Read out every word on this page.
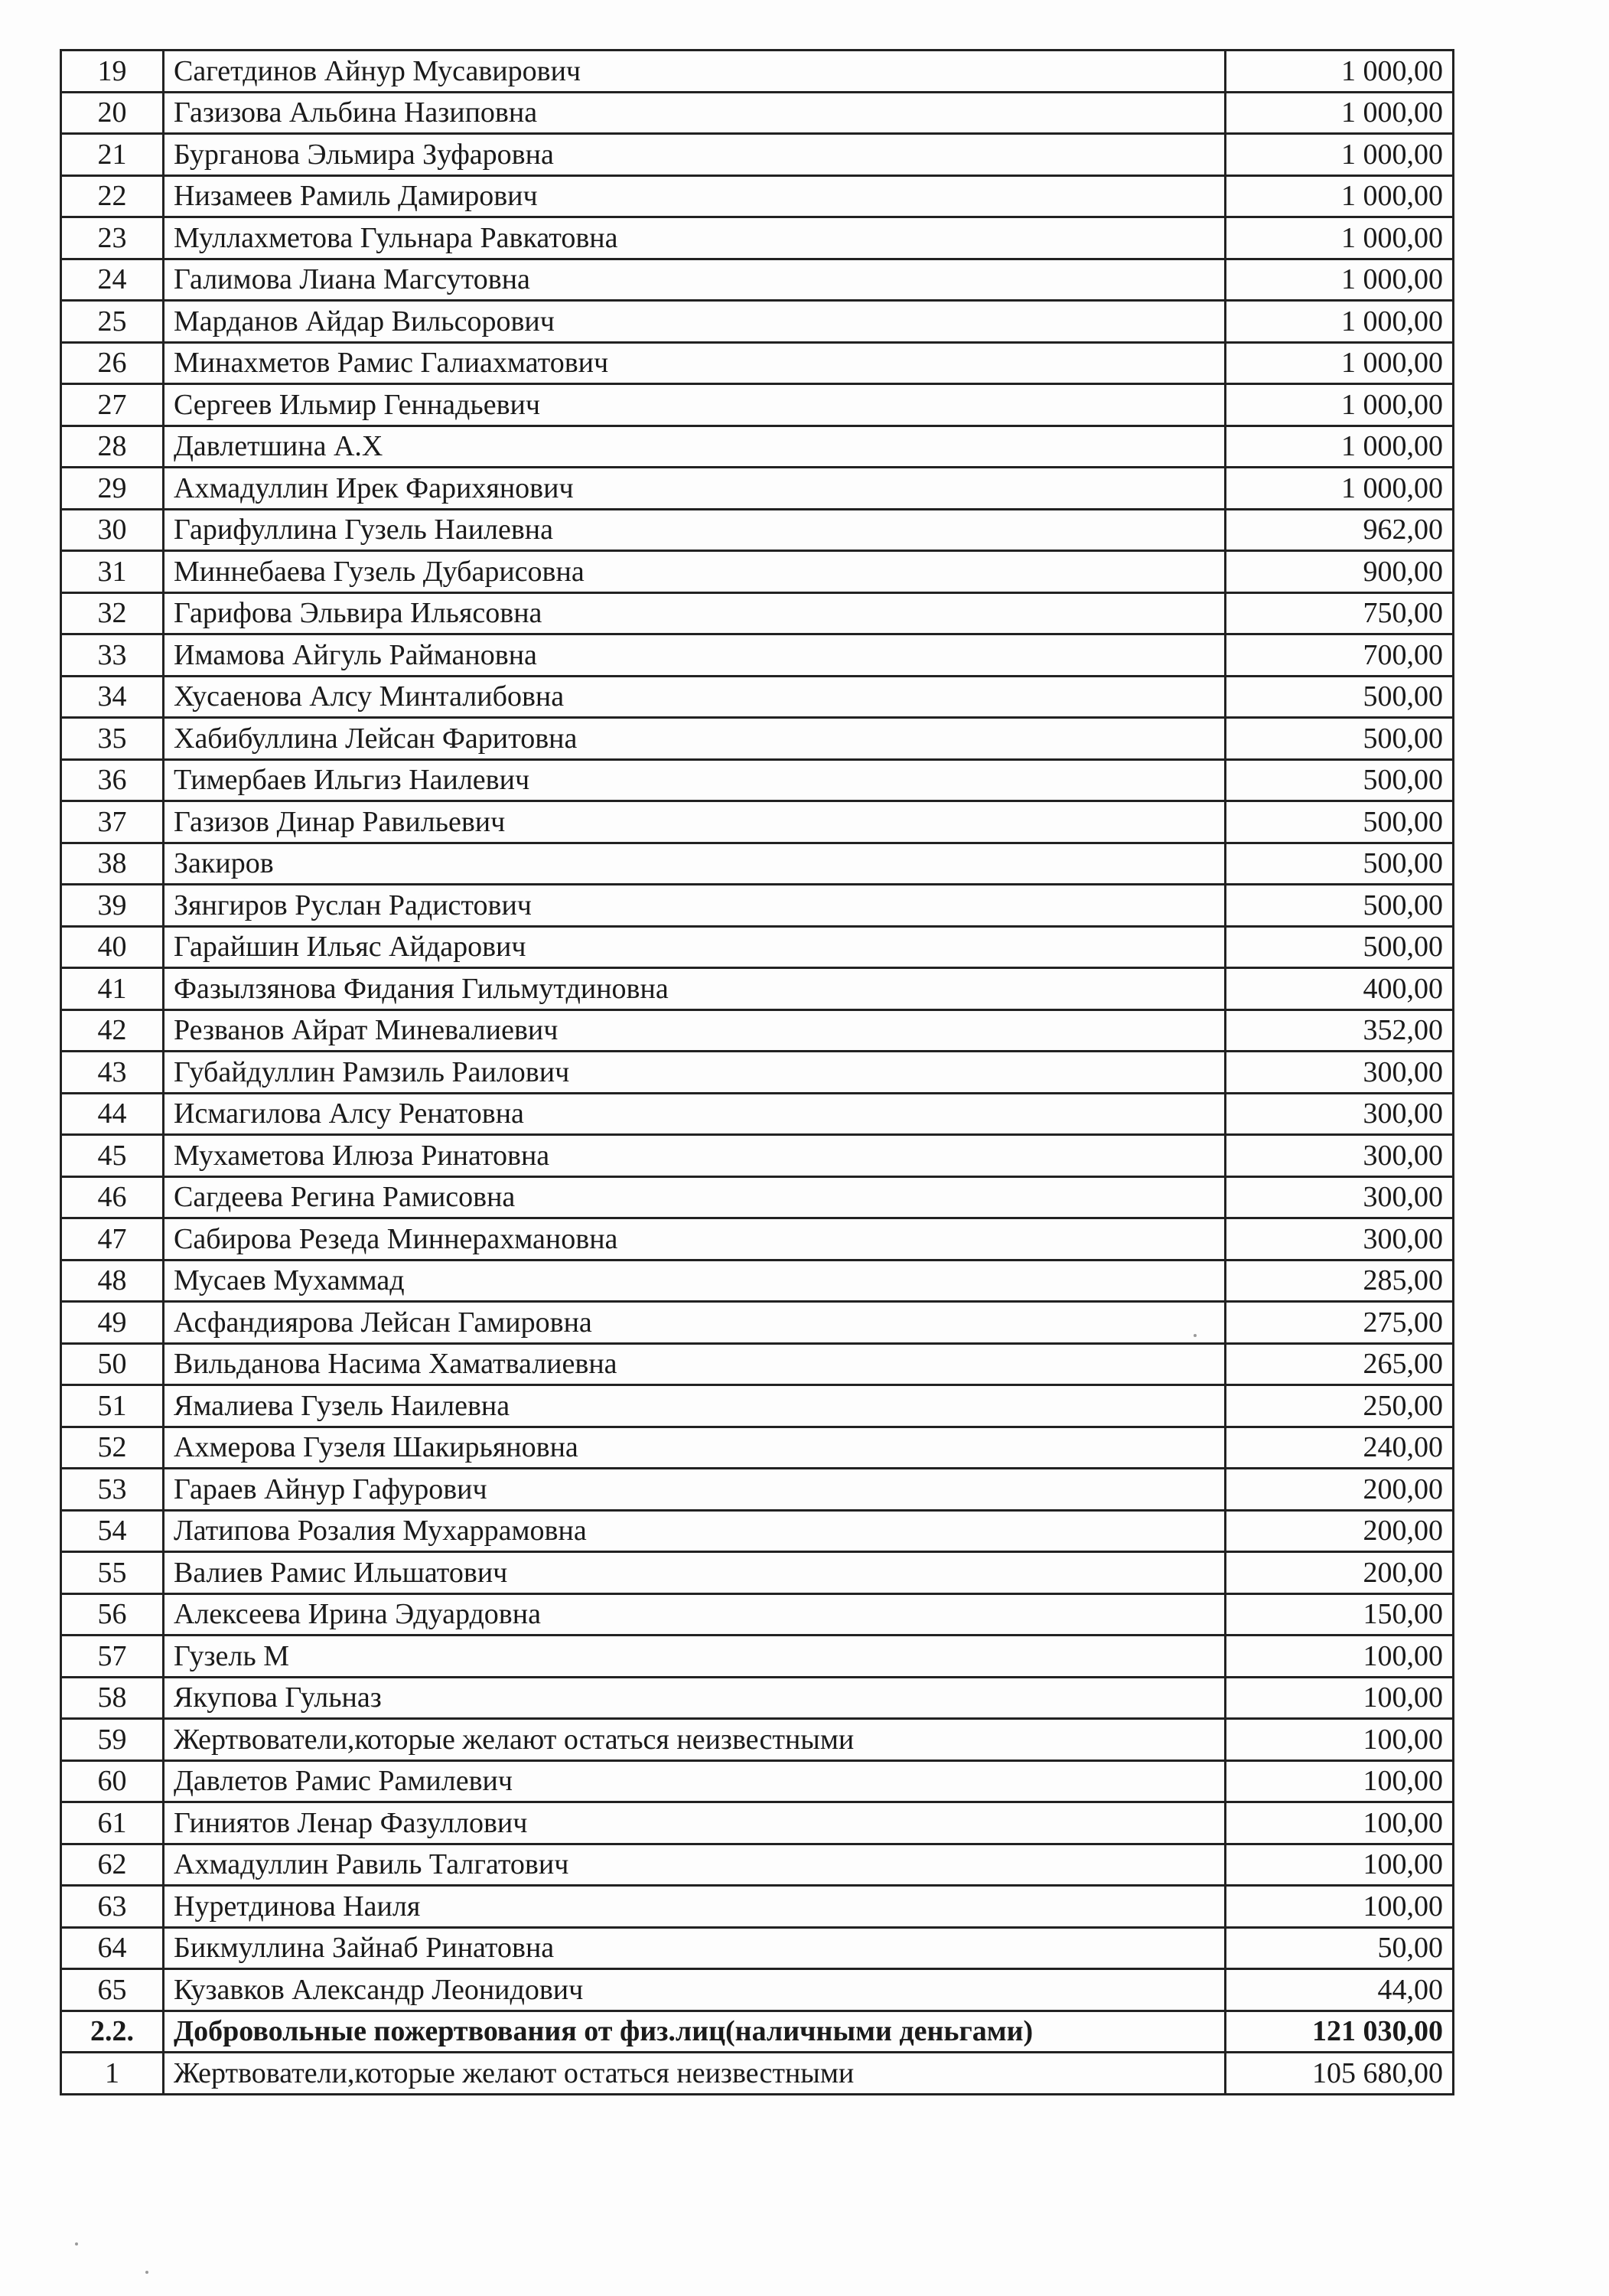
19	Сагетдинов Айнур Мусавирович	1 000,00
20	Газизова Альбина Назиповна	1 000,00
21	Бурганова Эльмира Зуфаровна	1 000,00
22	Низамеев Рамиль Дамирович	1 000,00
23	Муллахметова Гульнара Равкатовна	1 000,00
24	Галимова Лиана Магсутовна	1 000,00
25	Марданов Айдар Вильсорович	1 000,00
26	Минахметов Рамис Галиахматович	1 000,00
27	Сергеев Ильмир Геннадьевич	1 000,00
28	Давлетшина А.Х	1 000,00
29	Ахмадуллин Ирек Фарихянович	1 000,00
30	Гарифуллина Гузель Наилевна	962,00
31	Миннебаева Гузель Дубарисовна	900,00
32	Гарифова Эльвира Ильясовна	750,00
33	Имамова Айгуль Раймановна	700,00
34	Хусаенова Алсу Минталибовна	500,00
35	Хабибуллина Лейсан Фаритовна	500,00
36	Тимербаев Ильгиз Наилевич	500,00
37	Газизов Динар Равильевич	500,00
38	Закиров	500,00
39	Зянгиров Руслан Радистович	500,00
40	Гарайшин Ильяс Айдарович	500,00
41	Фазылзянова Фидания Гильмутдиновна	400,00
42	Резванов Айрат Миневалиевич	352,00
43	Губайдуллин Рамзиль Раилович	300,00
44	Исмагилова Алсу Ренатовна	300,00
45	Мухаметова Илюза Ринатовна	300,00
46	Сагдеева Регина Рамисовна	300,00
47	Сабирова Резеда Миннерахмановна	300,00
48	Мусаев Мухаммад	285,00
49	Асфандиярова Лейсан Гамировна	275,00
50	Вильданова Насима Хаматвалиевна	265,00
51	Ямалиева Гузель Наилевна	250,00
52	Ахмерова Гузеля Шакирьяновна	240,00
53	Гараев Айнур Гафурович	200,00
54	Латипова Розалия Мухаррамовна	200,00
55	Валиев Рамис Ильшатович	200,00
56	Алексеева Ирина Эдуардовна	150,00
57	Гузель М	100,00
58	Якупова Гульназ	100,00
59	Жертвователи,которые желают остаться неизвестными	100,00
60	Давлетов Рамис Рамилевич	100,00
61	Гиниятов Ленар Фазуллович	100,00
62	Ахмадуллин Равиль Талгатович	100,00
63	Нуретдинова Наиля	100,00
64	Бикмуллина Зайнаб Ринатовна	50,00
65	Кузавков Александр Леонидович	44,00
2.2.	Добровольные пожертвования от физ.лиц(наличными деньгами)	121 030,00
1	Жертвователи,которые желают остаться неизвестными	105 680,00
